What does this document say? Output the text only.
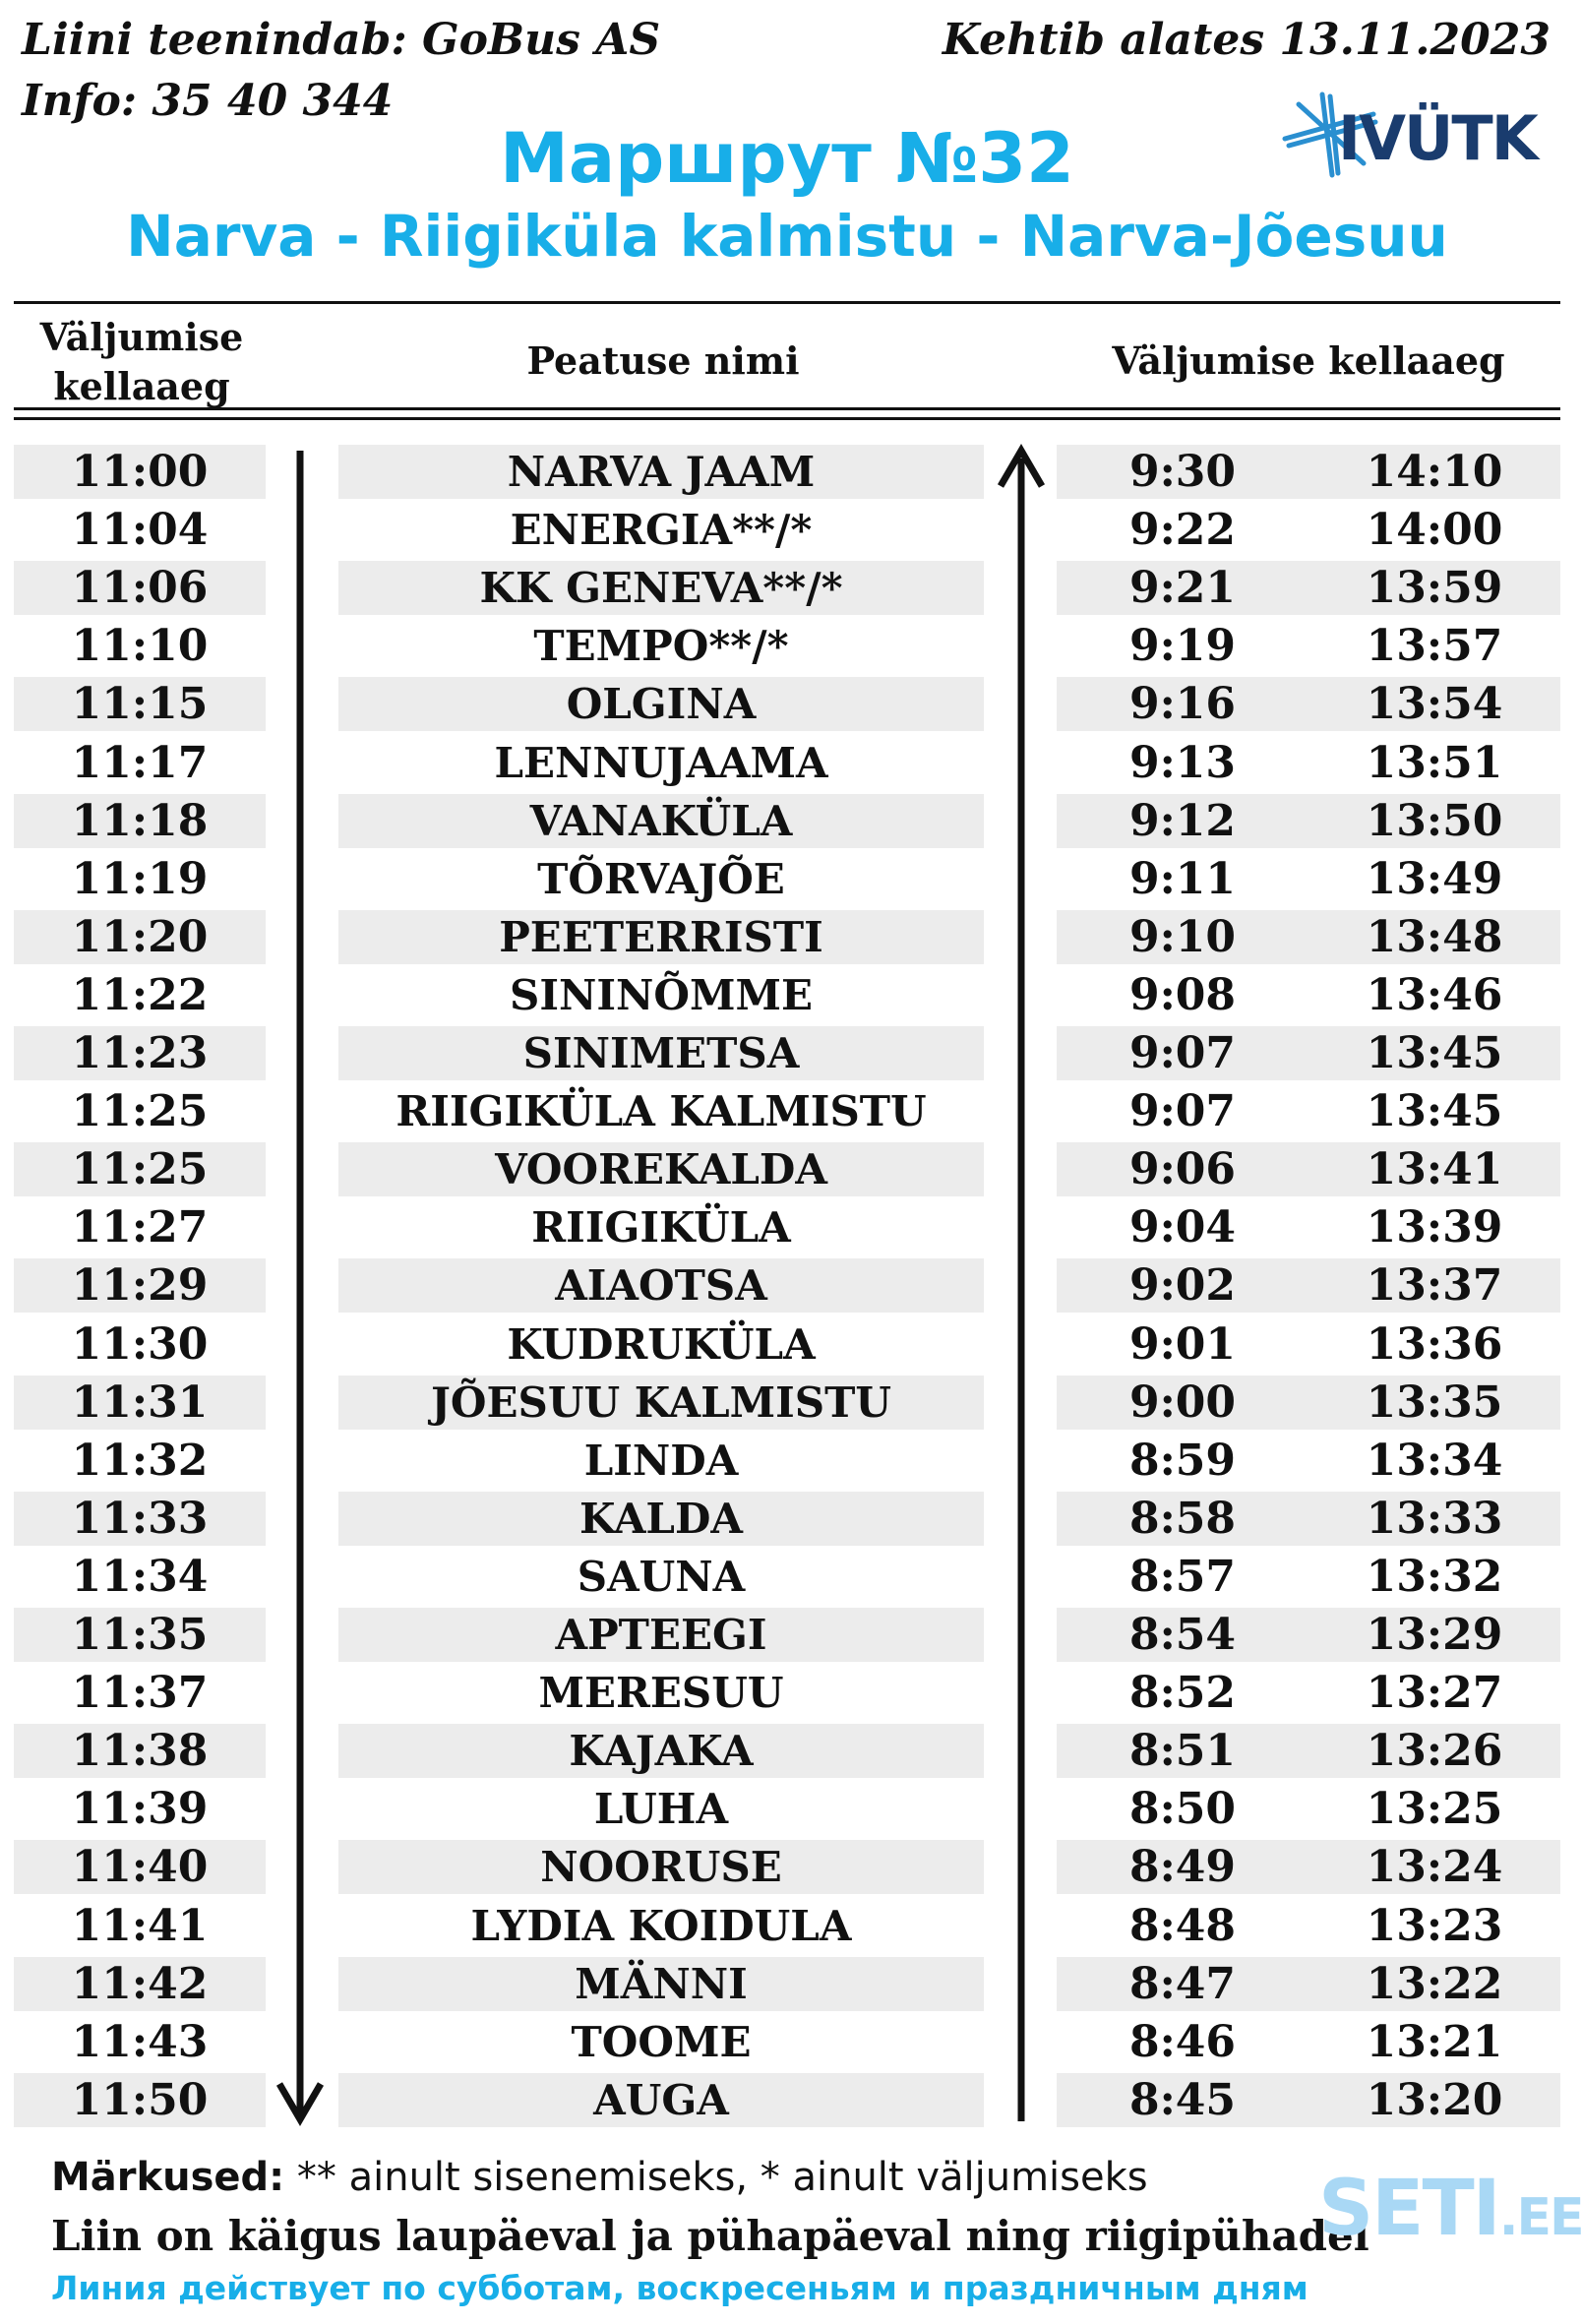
Liini teenindab: GoBus AS
Info: 35 40 344
Kehtib alates 13.11.2023
IVÜTK
Маршрут №32
Narva - Riigiküla kalmistu - Narva-Jõesuu
Väljumise kellaaeg
Peatuse nimi	Väljumise kellaaeg
11:00	NARVA JAAM	9:30	14:10
11:04	ENERGIA**/*	9:22	14:00
11:06	KK GENEVA**/*	9:21	13:59
11:10	TEMPO**/*	9:19	13:57
11:15	OLGINA	9:16	13:54
11:17	LENNUJAAMA	9:13	13:51
11:18	VANAKÜLA	9:12	13:50
11:19	TÕRVAJÕE	9:11	13:49
11:20	PEETERRISTI	9:10	13:48
11:22	SININÕMME	9:08	13:46
11:23	SINIMETSA	9:07	13:45
11:25	RIIGIKÜLA KALMISTU	9:07	13:45
11:25	VOOREKALDA	9:06	13:41
11:27	RIIGIKÜLA	9:04	13:39
11:29	AIAOTSA	9:02	13:37
11:30	KUDRUKÜLA	9:01	13:36
11:31	JÕESUU KALMISTU	9:00	13:35
11:32	LINDA	8:59	13:34
11:33	KALDA	8:58	13:33
11:34	SAUNA	8:57	13:32
11:35	APTEEGI	8:54	13:29
11:37	MERESUU	8:52	13:27
11:38	KAJAKA	8:51	13:26
11:39	LUHA	8:50	13:25
11:40	NOORUSE	8:49	13:24
11:41	LYDIA KOIDULA	8:48	13:23
11:42	MÄNNI	8:47	13:22
11:43	TOOME	8:46	13:21
11:50	AUGA	8:45	13:20
Märkused: ** ainult sisenemiseks, * ainult väljumiseks
Liin on käigus laupäeval ja pühapäeval ning riigipühadel
Линия действует по субботам, воскресеньям и праздничным дням
SETI.EE
